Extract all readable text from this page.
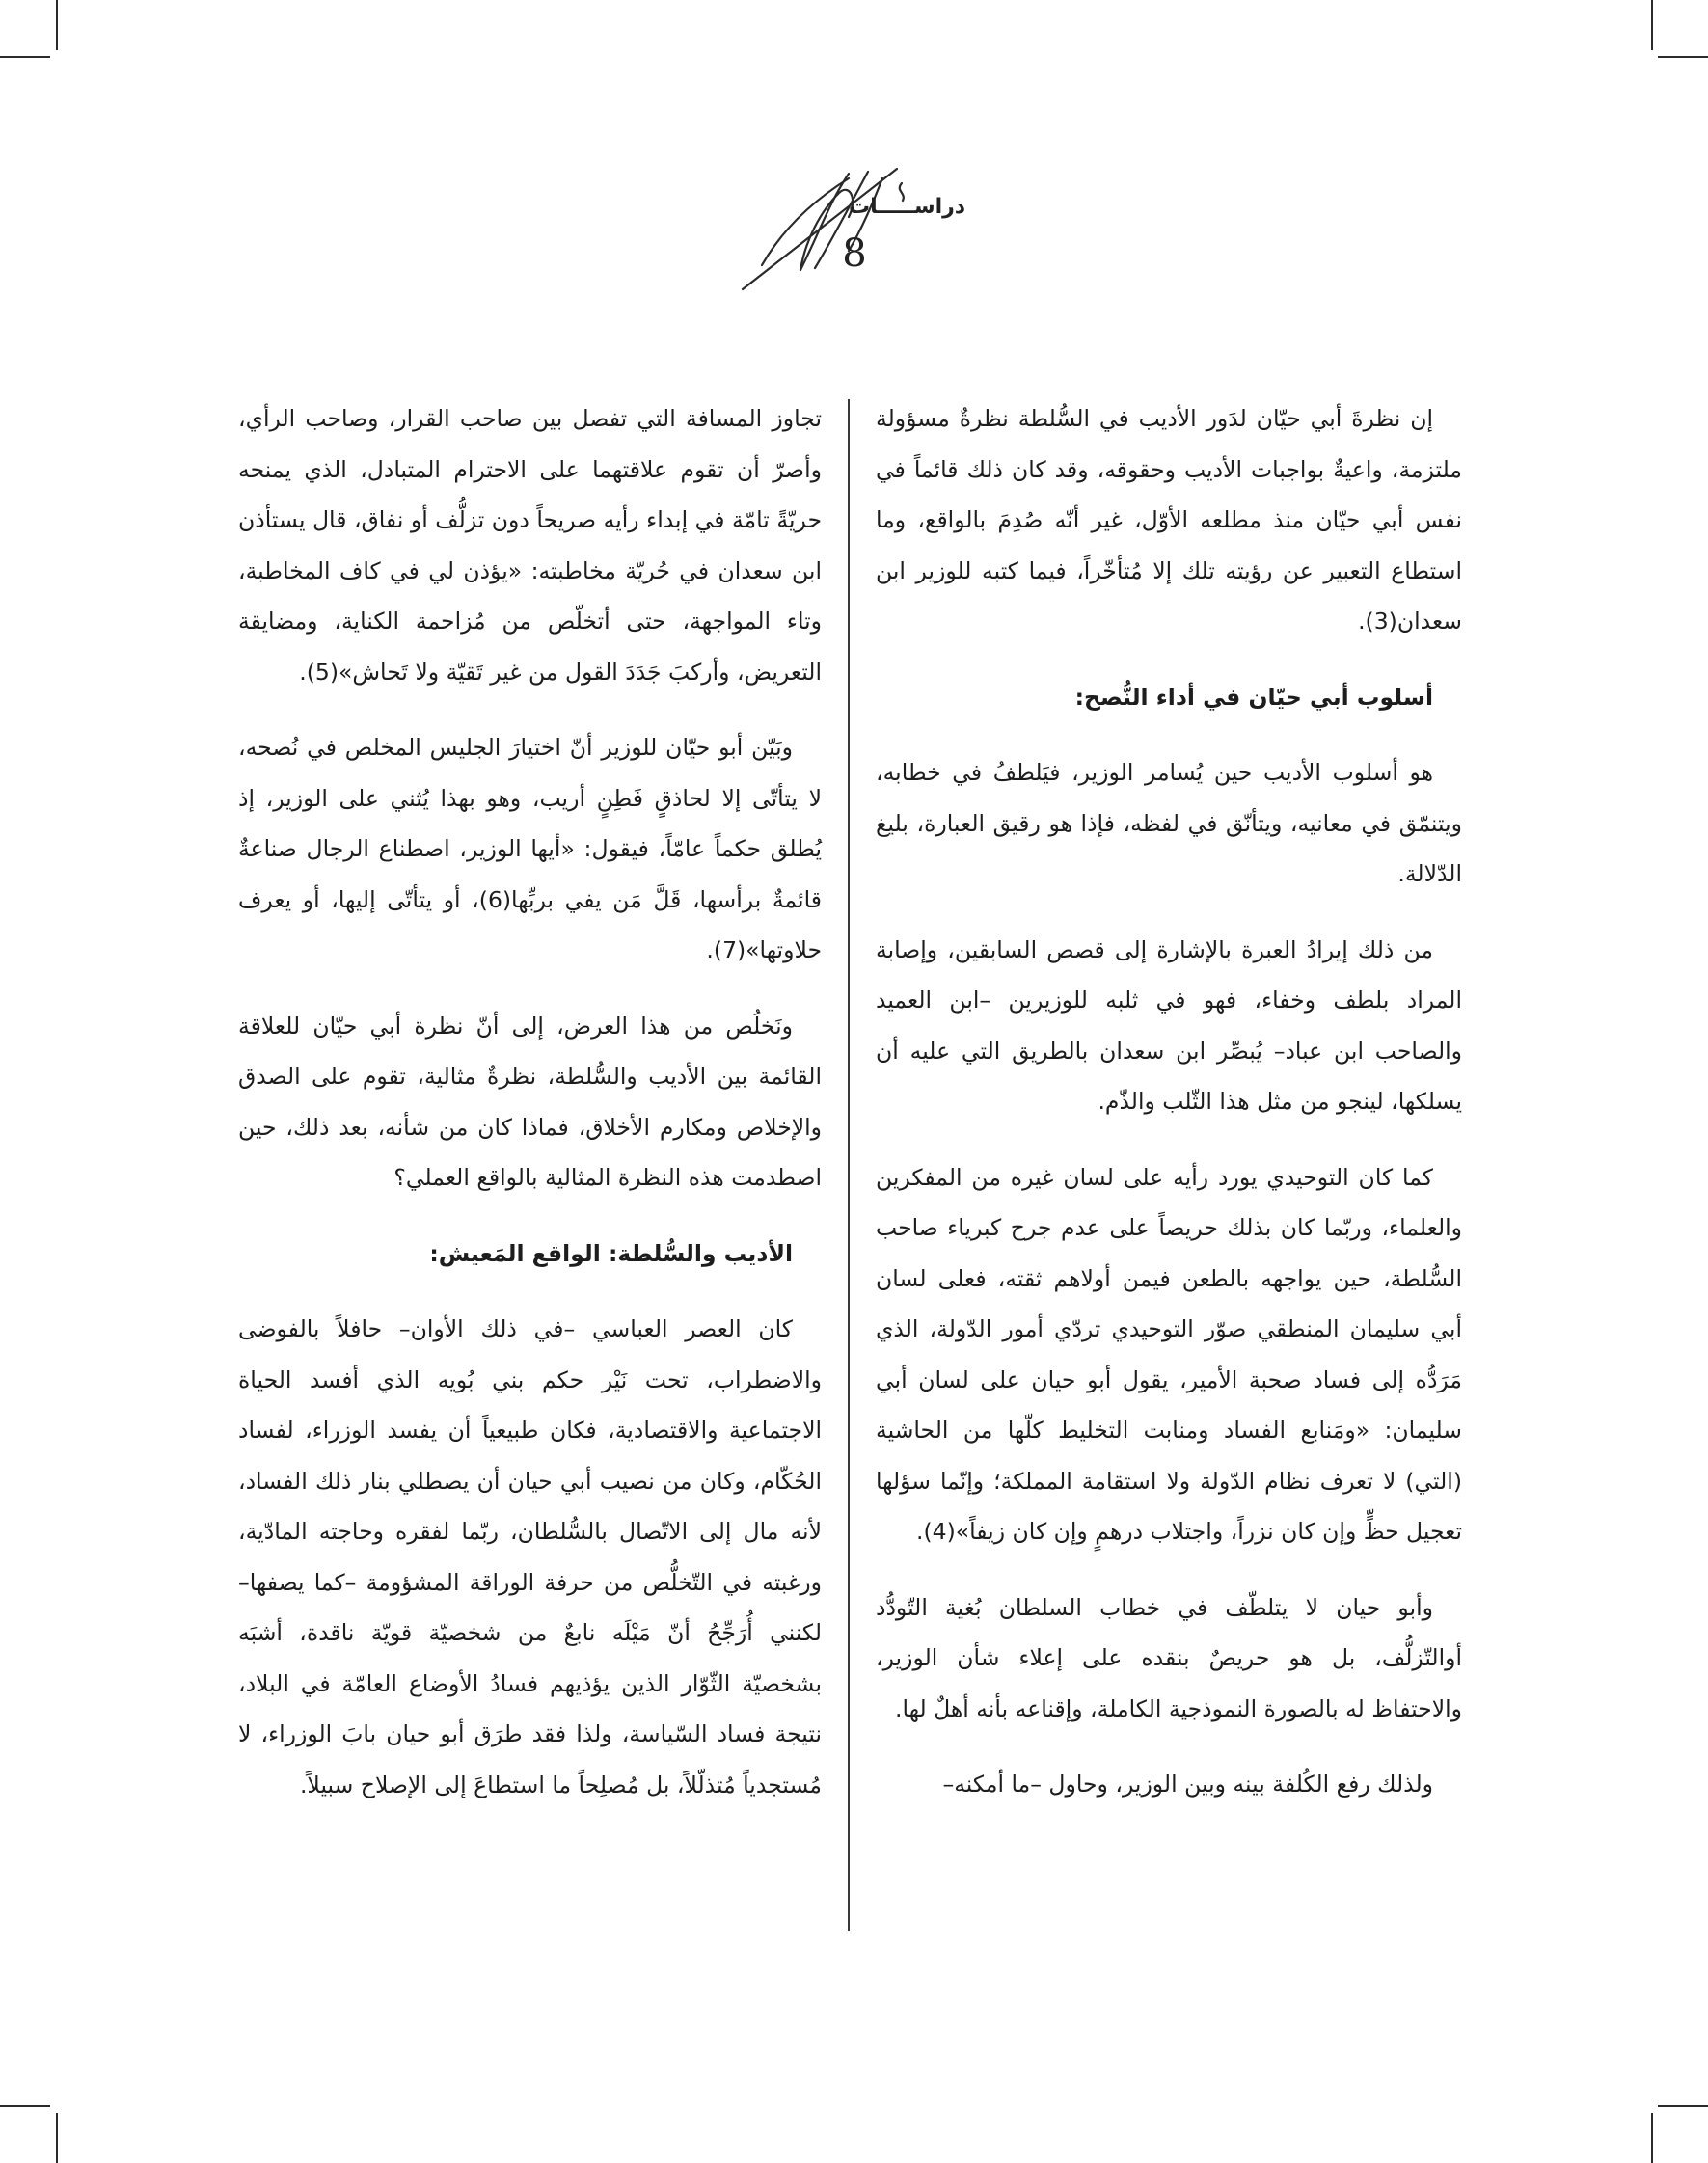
دراســـــات
8

إن نظرةَ أبي حيّان لدَور الأديب في السُّلطة نظرةٌ مسؤولة ملتزمة، واعيةٌ بواجبات الأديب وحقوقه، وقد كان ذلك قائماً في نفس أبي حيّان منذ مطلعه الأوّل، غير أنّه صُدِمَ بالواقع، وما استطاع التعبير عن رؤيته تلك إلا مُتأخّراً، فيما كتبه للوزير ابن سعدان(3).

أسلوب أبي حيّان في أداء النُّصح:

هو أسلوب الأديب حين يُسامر الوزير، فيَلطفُ في خطابه، ويتنمّق في معانيه، ويتأنّق في لفظه، فإذا هو رقيق العبارة، بليغ الدّلالة.

من ذلك إيرادُ العبرة بالإشارة إلى قصص السابقين، وإصابة المراد بلطف وخفاء، فهو في ثلبه للوزيرين –ابن العميد والصاحب ابن عباد– يُبصِّر ابن سعدان بالطريق التي عليه أن يسلكها، لينجو من مثل هذا الثّلب والذّم.

كما كان التوحيدي يورد رأيه على لسان غيره من المفكرين والعلماء، وربّما كان بذلك حريصاً على عدم جرح كبرياء صاحب السُّلطة، حين يواجهه بالطعن فيمن أولاهم ثقته، فعلى لسان أبي سليمان المنطقي صوّر التوحيدي تردّي أمور الدّولة، الذي مَرَدُّه إلى فساد صحبة الأمير، يقول أبو حيان على لسان أبي سليمان: «ومَنابع الفساد ومنابت التخليط كلّها من الحاشية (التي) لا تعرف نظام الدّولة ولا استقامة المملكة؛ وإنّما سؤلها تعجيل حظٍّ وإن كان نزراً، واجتلاب درهمٍ وإن كان زيفاً»(4).

وأبو حيان لا يتلطّف في خطاب السلطان بُغية التّودُّد أوالتّزلُّف، بل هو حريصٌ بنقده على إعلاء شأن الوزير، والاحتفاظ له بالصورة النموذجية الكاملة، وإقناعه بأنه أهلٌ لها.

ولذلك رفع الكُلفة بينه وبين الوزير، وحاول –ما أمكنه–

تجاوز المسافة التي تفصل بين صاحب القرار، وصاحب الرأي، وأصرّ أن تقوم علاقتهما على الاحترام المتبادل، الذي يمنحه حريّةً تامّة في إبداء رأيه صريحاً دون تزلُّف أو نفاق، قال يستأذن ابن سعدان في حُريّة مخاطبته: «يؤذن لي في كاف المخاطبة، وتاء المواجهة، حتى أتخلّص من مُزاحمة الكناية، ومضايقة التعريض، وأركبَ جَدَدَ القول من غير تَقيّة ولا تَحاش»(5).

وبَيّن أبو حيّان للوزير أنّ اختيارَ الجليس المخلص في نُصحه، لا يتأتّى إلا لحاذقٍ فَطِنٍ أريب، وهو بهذا يُثني على الوزير، إذ يُطلق حكماً عامّاً، فيقول: «أيها الوزير، اصطناع الرجال صناعةٌ قائمةٌ برأسها، قَلَّ مَن يفي بربِّها(6)، أو يتأتّى إليها، أو يعرف حلاوتها»(7).

ونَخلُص من هذا العرض، إلى أنّ نظرة أبي حيّان للعلاقة القائمة بين الأديب والسُّلطة، نظرةٌ مثالية، تقوم على الصدق والإخلاص ومكارم الأخلاق، فماذا كان من شأنه، بعد ذلك، حين اصطدمت هذه النظرة المثالية بالواقع العملي؟

الأديب والسُّلطة: الواقع المَعيش:

كان العصر العباسي –في ذلك الأوان– حافلاً بالفوضى والاضطراب، تحت نَيْر حكم بني بُويه الذي أفسد الحياة الاجتماعية والاقتصادية، فكان طبيعياً أن يفسد الوزراء، لفساد الحُكّام، وكان من نصيب أبي حيان أن يصطلي بنار ذلك الفساد، لأنه مال إلى الاتّصال بالسُّلطان، ربّما لفقره وحاجته المادّية، ورغبته في التّخلُّص من حرفة الوراقة المشؤومة –كما يصفها– لكنني أُرَجِّحُ أنّ مَيْلَه نابعٌ من شخصيّة قويّة ناقدة، أشبَه بشخصيّة الثّوّار الذين يؤذيهم فسادُ الأوضاع العامّة في البلاد، نتيجة فساد السّياسة، ولذا فقد طرَق أبو حيان بابَ الوزراء، لا مُستجدياً مُتذلّلاً، بل مُصلِحاً ما استطاعَ إلى الإصلاح سبيلاً.
